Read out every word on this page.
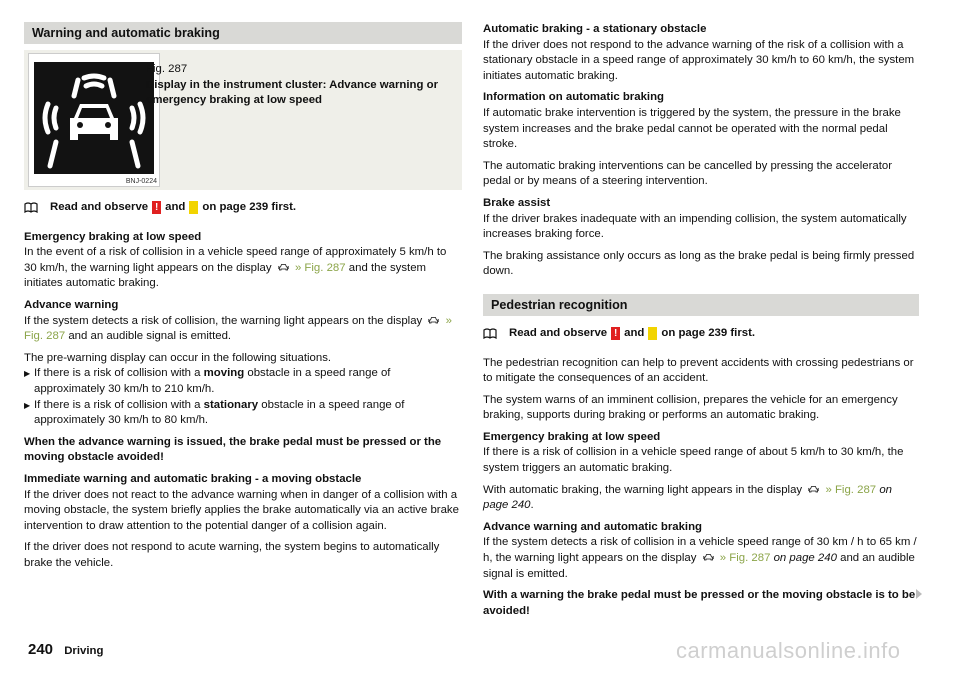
Warning and automatic braking
BNJ-0224
Fig. 287
Display in the instrument cluster: Advance warning or emergency braking at low speed
Read and observe ! and on page 239 first.

Emergency braking at low speed
In the event of a risk of collision in a vehicle speed range of approximately 5 km/h to 30 km/h, the warning light appears on the display » Fig. 287 and the system initiates automatic braking.

Advance warning
If the system detects a risk of collision, the warning light appears on the display » Fig. 287 and an audible signal is emitted.

The pre-warning display can occur in the following situations.
▶ If there is a risk of collision with a moving obstacle in a speed range of approximately 30 km/h to 210 km/h.
▶ If there is a risk of collision with a stationary obstacle in a speed range of approximately 30 km/h to 80 km/h.

When the advance warning is issued, the brake pedal must be pressed or the moving obstacle avoided!

Immediate warning and automatic braking - a moving obstacle
If the driver does not react to the advance warning when in danger of a collision with a moving obstacle, the system briefly applies the brake automatically via an active brake intervention to draw attention to the potential danger of a collision again.

If the driver does not respond to acute warning, the system begins to automatically brake the vehicle.

Automatic braking - a stationary obstacle
If the driver does not respond to the advance warning of the risk of a collision with a stationary obstacle in a speed range of approximately 30 km/h to 60 km/h, the system initiates automatic braking.

Information on automatic braking
If automatic brake intervention is triggered by the system, the pressure in the brake system increases and the brake pedal cannot be operated with the normal pedal stroke.

The automatic braking interventions can be cancelled by pressing the accelerator pedal or by means of a steering intervention.

Brake assist
If the driver brakes inadequate with an impending collision, the system automatically increases braking force.

The braking assistance only occurs as long as the brake pedal is being firmly pressed down.

Pedestrian recognition
Read and observe ! and on page 239 first.

The pedestrian recognition can help to prevent accidents with crossing pedestrians or to mitigate the consequences of an accident.

The system warns of an imminent collision, prepares the vehicle for an emergency braking, supports during braking or performs an automatic braking.

Emergency braking at low speed
If there is a risk of collision in a vehicle speed range of about 5 km/h to 30 km/h, the system triggers an automatic braking.

With automatic braking, the warning light appears in the display » Fig. 287 on page 240.

Advance warning and automatic braking
If the system detects a risk of collision in a vehicle speed range of 30 km / h to 65 km / h, the warning light appears on the display » Fig. 287 on page 240 and an audible signal is emitted.

With a warning the brake pedal must be pressed or the moving obstacle is to be avoided!

240 Driving	carmanualsonline.info
